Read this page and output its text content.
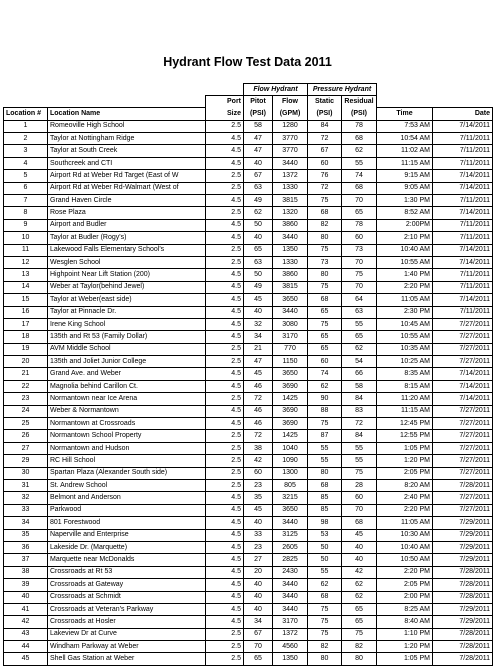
Hydrant Flow Test Data 2011
			Flow Hydrant		Pressure Hydrant			
		Port	Pitot	Flow	Static	Residual		
Location #	Location Name	Size	(PSI)	(GPM)	(PSI)	(PSI)	Time	Date
1	Romeoville High School	2.5	58	1280	84	78	7:53 AM	7/14/2011
2	Taylor at Nottingham Ridge	4.5	47	3770	72	68	10:54 AM	7/11/2011
3	Taylor at South Creek	4.5	47	3770	67	62	11:02 AM	7/11/2011
4	Southcreek and CTI	4.5	40	3440	60	55	11:15 AM	7/11/2011
5	Airport Rd at Weber Rd Target (East of W	2.5	67	1372	76	74	9:15 AM	7/14/2011
6	Airport Rd at Weber Rd-Walmart (West of	2.5	63	1330	72	68	9:05 AM	7/14/2011
7	Grand Haven Circle	4.5	49	3815	75	70	1:30 PM	7/11/2011
8	Rose Plaza	2.5	62	1320	68	65	8:52 AM	7/14/2011
9	Airport and Budler	4.5	50	3860	82	78	2:00PM	7/11/2011
10	Taylor at Budler (Rogy's)	4.5	40	3440	80	60	2:10 PM	7/11/2011
11	Lakewood Falls Elementary School's	2.5	65	1350	75	73	10:40 AM	7/14/2011
12	Wesglen School	2.5	63	1330	73	70	10:55 AM	7/14/2011
13	Highpoint Near Lift Station (200)	4.5	50	3860	80	75	1:40 PM	7/11/2011
14	Weber at Taylor(behind Jewel)	4.5	49	3815	75	70	2:20 PM	7/11/2011
15	Taylor at Weber(east side)	4.5	45	3650	68	64	11:05 AM	7/14/2011
16	Taylor at Pinnacle Dr.	4.5	40	3440	65	63	2:30 PM	7/11/2011
17	Irene King School	4.5	32	3080	75	55	10:45 AM	7/27/2011
18	135th and Rt 53 (Family Dollar)	4.5	34	3170	65	65	10:55 AM	7/27/2011
19	AVM Middle School	2.5	21	770	65	62	10:35 AM	7/27/2011
20	135th and Joliet Junior College	2.5	47	1150	60	54	10:25 AM	7/27/2011
21	Grand Ave. and Weber	4.5	45	3650	74	66	8:35 AM	7/14/2011
22	Magnolia behind Carillon Ct.	4.5	46	3690	62	58	8:15 AM	7/14/2011
23	Normantown near Ice Arena	2.5	72	1425	90	84	11:20 AM	7/14/2011
24	Weber & Normantown	4.5	46	3690	88	83	11:15 AM	7/27/2011
25	Normantown at Crossroads	4.5	46	3690	75	72	12:45 PM	7/27/2011
26	Normantown School Property	2.5	72	1425	87	84	12:55 PM	7/27/2011
27	Normantown and Hudson	2.5	38	1040	55	55	1:05 PM	7/27/2011
29	RC Hill School	2.5	42	1090	55	55	1:20 PM	7/27/2011
30	Spartan Plaza (Alexander South side)	2.5	60	1300	80	75	2:05 PM	7/27/2011
31	St. Andrew School	2.5	23	805	68	28	8:20 AM	7/28/2011
32	Belmont and Anderson	4.5	35	3215	85	60	2:40 PM	7/27/2011
33	Parkwood	4.5	45	3650	85	70	2:20 PM	7/27/2011
34	801 Forestwood	4.5	40	3440	98	68	11:05 AM	7/29/2011
35	Naperville and Enterprise	4.5	33	3125	53	45	10:30 AM	7/29/2011
36	Lakeside Dr. (Marquette)	4.5	23	2605	50	40	10:40 AM	7/29/2011
37	Marquette near McDonalds	4.5	27	2825	50	40	10:50 AM	7/29/2011
38	Crossroads at Rt 53	4.5	20	2430	55	42	2:20 PM	7/28/2011
39	Crossroads at Gateway	4.5	40	3440	62	62	2:05 PM	7/28/2011
40	Crossroads at Schmidt	4.5	40	3440	68	62	2:00 PM	7/28/2011
41	Crossroads at Veteran's Parkway	4.5	40	3440	75	65	8:25 AM	7/29/2011
42	Crossroads at Hosler	4.5	34	3170	75	65	8:40 AM	7/29/2011
43	Lakeview Dr at Curve	2.5	67	1372	75	75	1:10 PM	7/28/2011
44	Windham Parkway at Weber	2.5	70	4560	82	82	1:20 PM	7/28/2011
45	Shell Gas Station at Weber	2.5	65	1350	80	80	1:05 PM	7/28/2011
